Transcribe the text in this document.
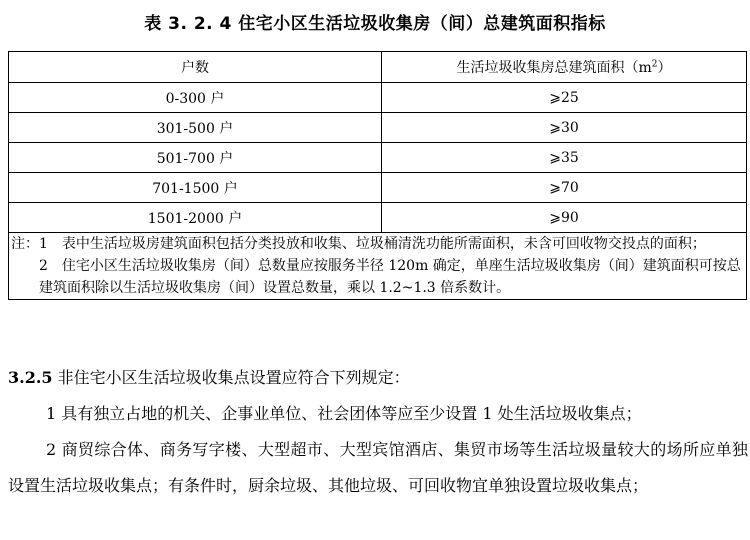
表 3. 2. 4 住宅小区生活垃圾收集房（间）总建筑面积指标
户数	生活垃圾收集房总建筑面积$(m^2)$
0-300 户	⩾25
301-500 户	⩾30
501-700 户	⩾35
701-1500 户	⩾70
1501-2000 户	⩾90

注：1　表中生活垃圾房建筑面积包括分类投放和收集、垃圾桶清洗功能所需面积，未含可回收物交投点的面积；
2　住宅小区生活垃圾收集房（间）总数量应按服务半径 120m 确定，单座生活垃圾收集房（间）建筑面积可按总建筑面积除以生活垃圾收集房（间）设置总数量，乘以 1.2~1.3 倍系数计。	

3.2.5 非住宅小区生活垃圾收集点设置应符合下列规定：

1 具有独立占地的机关、企事业单位、社会团体等应至少设置 1 处生活垃圾收集点；

2 商贸综合体、商务写字楼、大型超市、大型宾馆酒店、集贸市场等生活垃圾量较大的场所应单独设置生活垃圾收集点；有条件时，厨余垃圾、其他垃圾、可回收物宜单独设置垃圾收集点；
